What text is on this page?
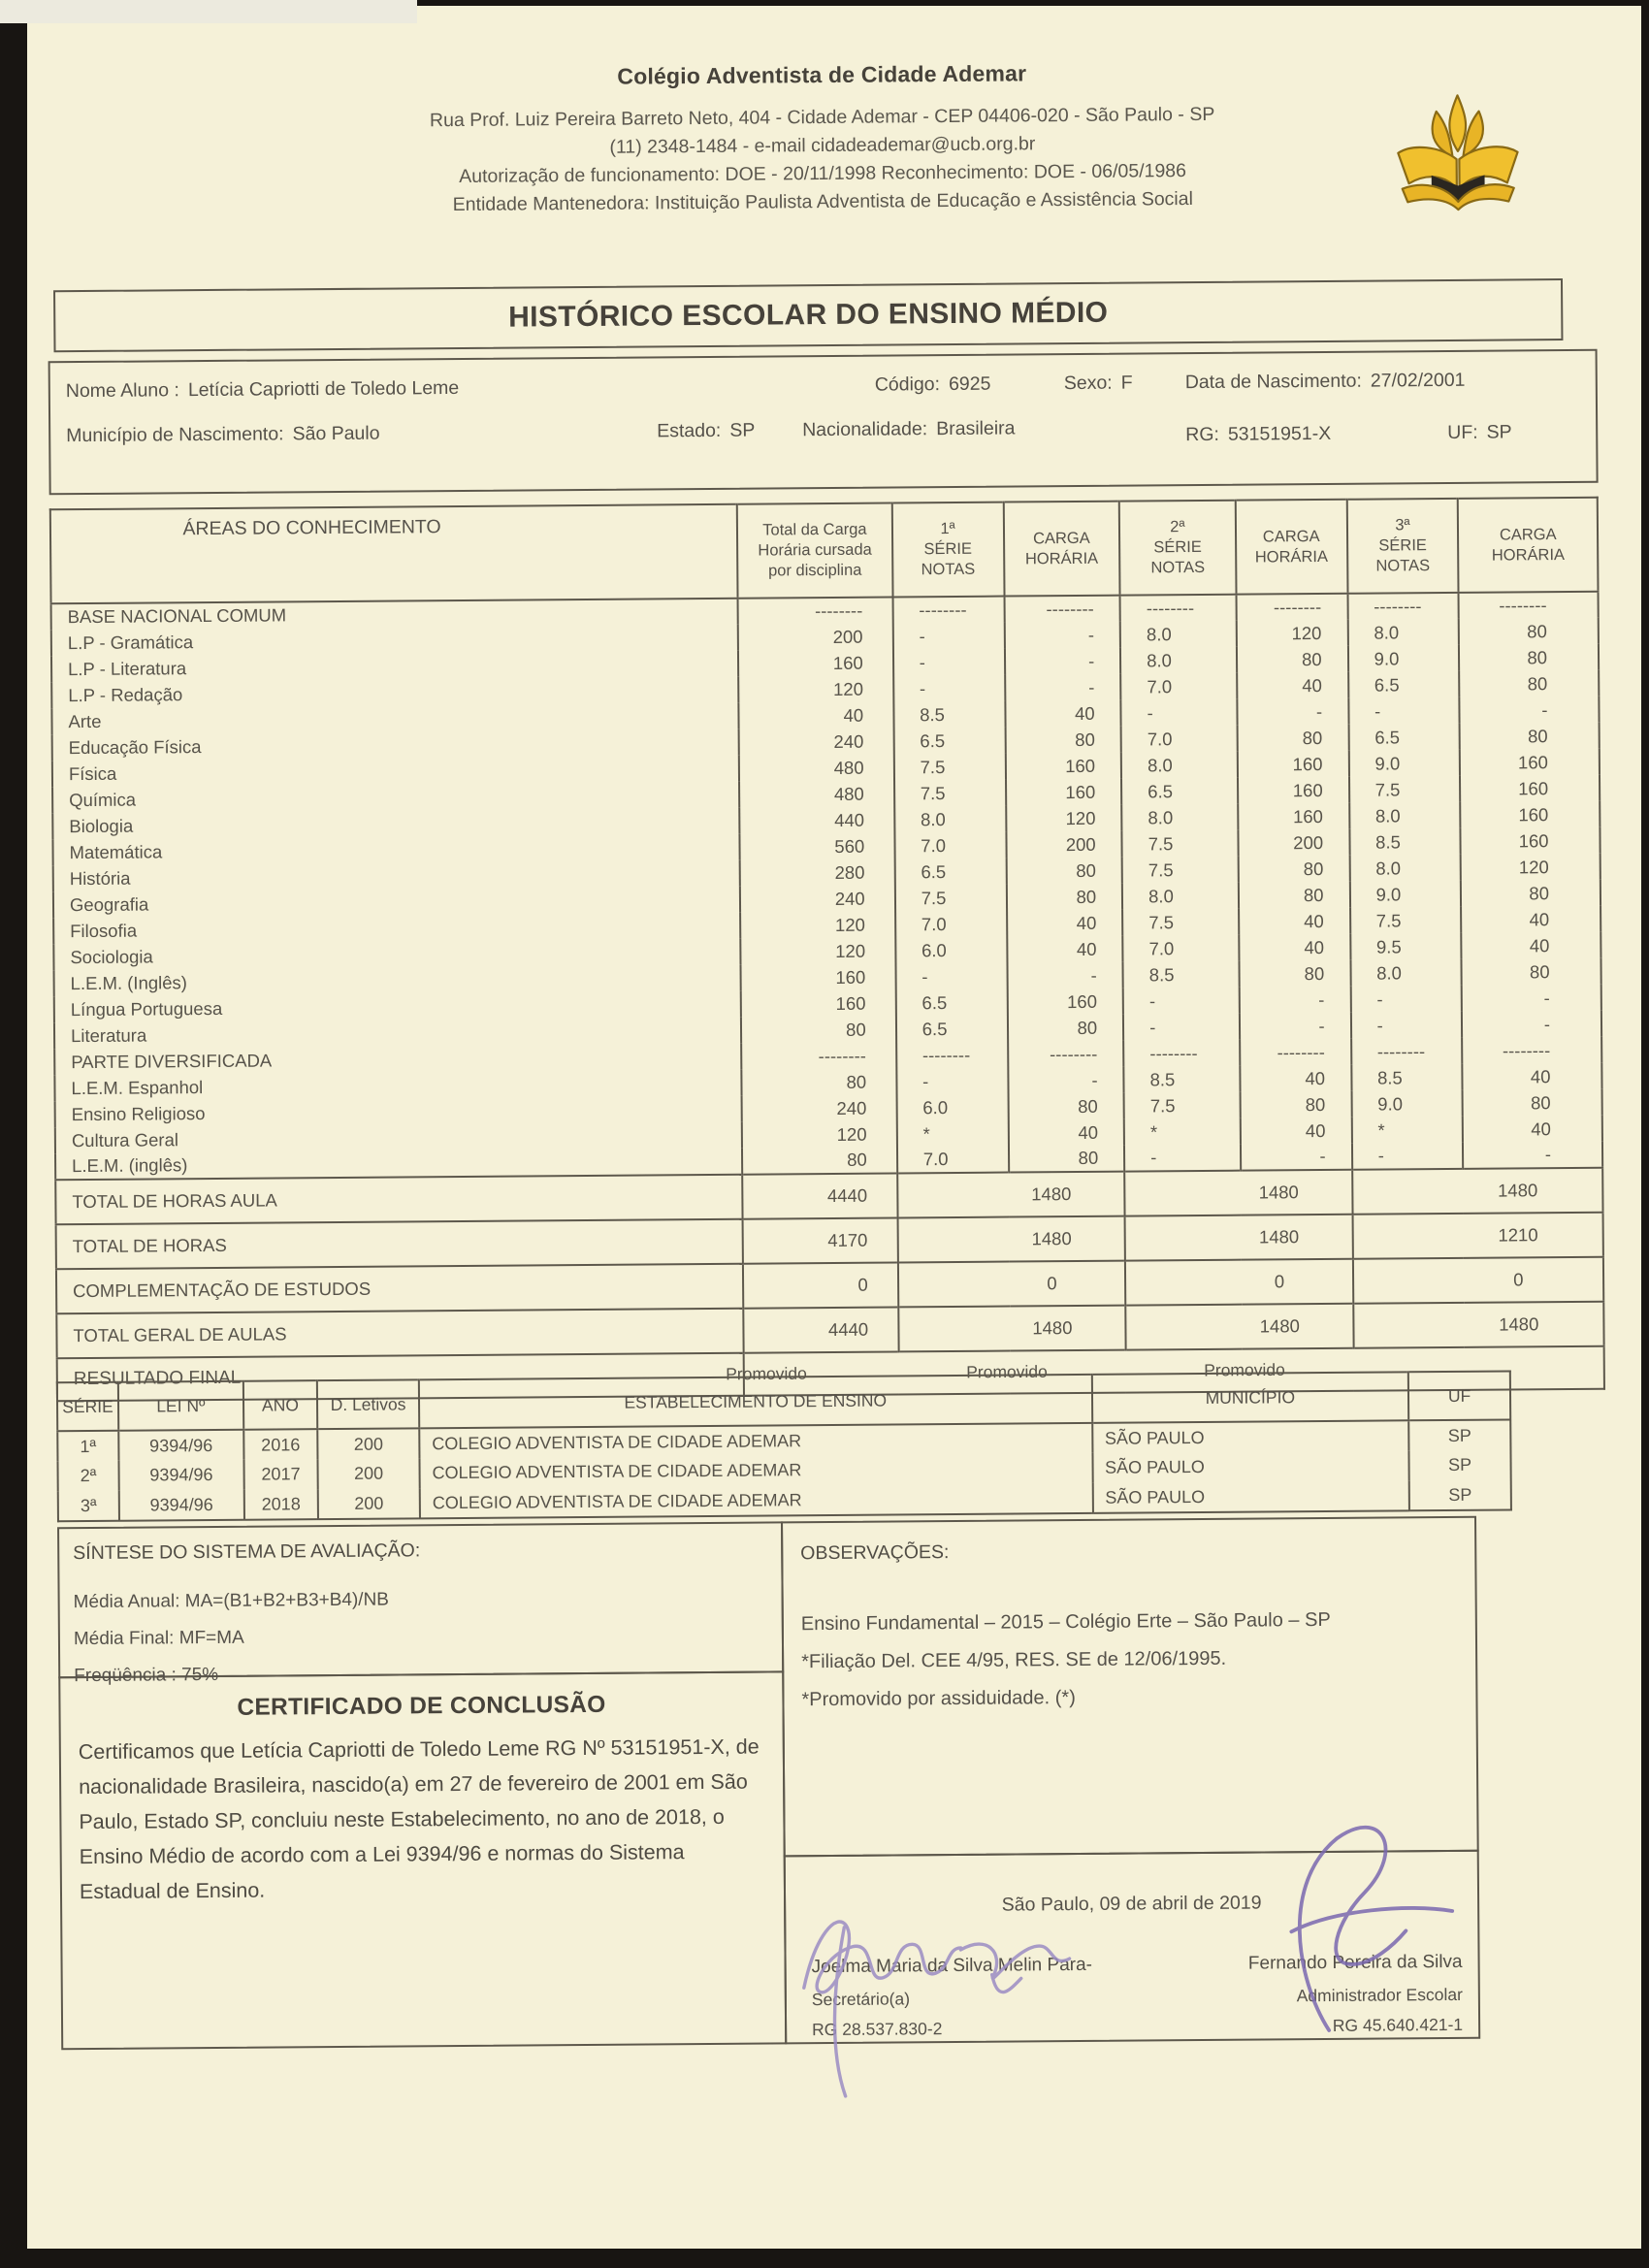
Colégio Adventista de Cidade Ademar
Rua Prof. Luiz Pereira Barreto Neto, 404 - Cidade Ademar - CEP 04406-020 - São Paulo - SP
(11) 2348-1484 - e-mail cidadeademar@ucb.org.br
Autorização de funcionamento: DOE - 20/11/1998 Reconhecimento: DOE - 06/05/1986
Entidade Mantenedora: Instituição Paulista Adventista de Educação e Assistência Social
HISTÓRICO ESCOLAR DO ENSINO MÉDIO
Nome Aluno : Letícia Capriotti de Toledo Leme	Código: 6925	Sexo: F	Data de Nascimento: 27/02/2001
Município de Nascimento: São Paulo	Estado: SP Nacionalidade: Brasileira	RG: 53151951-X	UF: SP
ÁREAS DO CONHECIMENTO	Total da Carga
Horária cursada
por disciplina	1ª
SÉRIE
NOTAS	CARGA
HORÁRIA	2ª
SÉRIE
NOTAS	CARGA
HORÁRIA	3ª
SÉRIE
NOTAS	CARGA
HORÁRIA
BASE NACIONAL COMUM	--------	--------	--------	--------	--------	--------	--------
L.P - Gramática	200	-	-	8.0	120	8.0	80
L.P - Literatura	160	-	-	8.0	80	9.0	80
L.P - Redação	120	-	-	7.0	40	6.5	80
Arte	40	8.5	40	-	-	-	-
Educação Física	240	6.5	80	7.0	80	6.5	80
Física	480	7.5	160	8.0	160	9.0	160
Química	480	7.5	160	6.5	160	7.5	160
Biologia	440	8.0	120	8.0	160	8.0	160
Matemática	560	7.0	200	7.5	200	8.5	160
História	280	6.5	80	7.5	80	8.0	120
Geografia	240	7.5	80	8.0	80	9.0	80
Filosofia	120	7.0	40	7.5	40	7.5	40
Sociologia	120	6.0	40	7.0	40	9.5	40
L.E.M. (Inglês)	160	-	-	8.5	80	8.0	80
Língua Portuguesa	160	6.5	160	-	-	-	-
Literatura	80	6.5	80	-	-	-	-
PARTE DIVERSIFICADA	--------	--------	--------	--------	--------	--------	--------
L.E.M. Espanhol	80	-	-	8.5	40	8.5	40
Ensino Religioso	240	6.0	80	7.5	80	9.0	80
Cultura Geral	120	*	40	*	40	*	40
L.E.M. (inglês)	80	7.0	80	-	-	-	-
TOTAL DE HORAS AULA	4440	1480		1480		1480	
TOTAL DE HORAS	4170	1480		1480		1210	
COMPLEMENTAÇÃO DE ESTUDOS	0	0		0		0	
TOTAL GERAL DE AULAS	4440	1480		1480		1480	
RESULTADO FINAL	Promovido Promovido Promovido						
SÉRIE	LEI Nº	ANO	D. Letivos	ESTABELECIMENTO DE ENSINO	MUNICÍPIO	UF
1ª	9394/96	2016	200	COLEGIO ADVENTISTA DE CIDADE ADEMAR	SÃO PAULO	SP
2ª	9394/96	2017	200	COLEGIO ADVENTISTA DE CIDADE ADEMAR	SÃO PAULO	SP
3ª	9394/96	2018	200	COLEGIO ADVENTISTA DE CIDADE ADEMAR	SÃO PAULO	SP
SÍNTESE DO SISTEMA DE AVALIAÇÃO:
Média Anual: MA=(B1+B2+B3+B4)/NB
Média Final: MF=MA
Freqüência : 75%
CERTIFICADO DE CONCLUSÃO
Certificamos que Letícia Capriotti de Toledo Leme RG Nº 53151951-X, de nacionalidade Brasileira, nascido(a) em 27 de fevereiro de 2001 em São Paulo, Estado SP, concluiu neste Estabelecimento, no ano de 2018, o Ensino Médio de acordo com a Lei 9394/96 e normas do Sistema Estadual de Ensino.
OBSERVAÇÕES:
Ensino Fundamental – 2015 – Colégio Erte – São Paulo – SP
*Filiação Del. CEE 4/95, RES. SE de 12/06/1995.
*Promovido por assiduidade. (*)
São Paulo, 09 de abril de 2019
Joelma Maria da Silva Melin Para-
Secretário(a)
RG 28.537.830-2
Fernando Pereira da Silva
Administrador Escolar
RG 45.640.421-1
